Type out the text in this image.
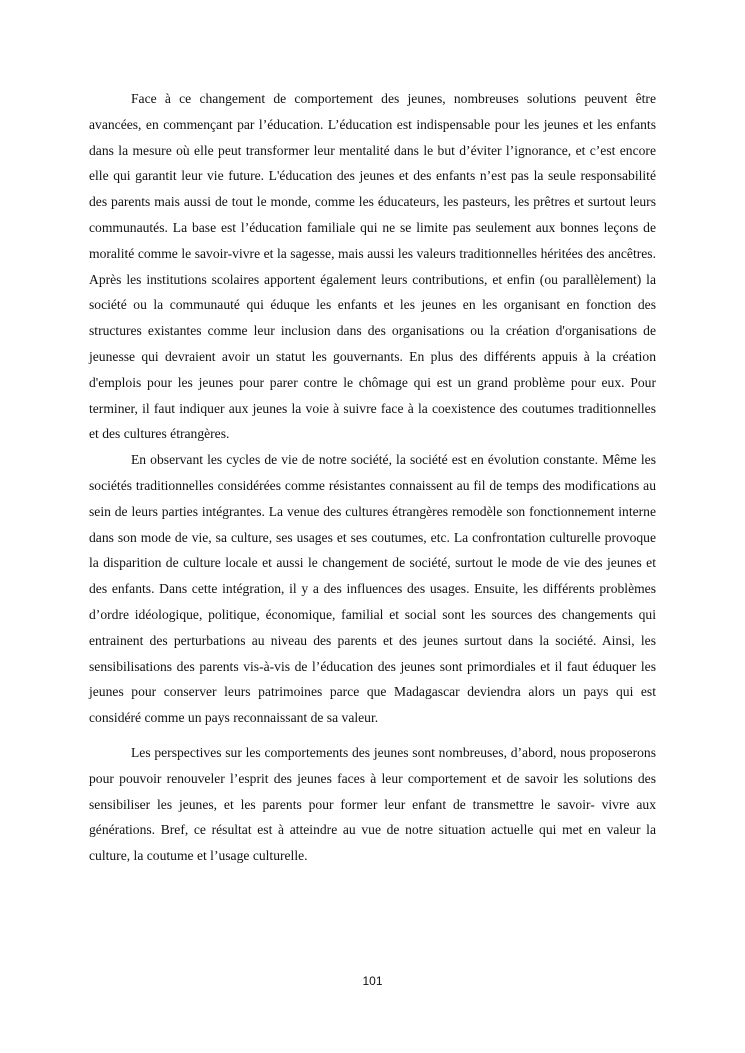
Face à ce changement de comportement des jeunes, nombreuses solutions peuvent être avancées, en commençant par l’éducation. L’éducation est indispensable pour les jeunes et les enfants dans la mesure où elle peut transformer leur mentalité dans le but d’éviter l’ignorance, et c’est encore elle qui garantit leur vie future. L'éducation des jeunes et des enfants n’est pas la seule responsabilité des parents mais aussi de tout le monde, comme les éducateurs, les pasteurs, les prêtres et surtout leurs communautés. La base est l’éducation familiale qui ne se limite pas seulement aux bonnes leçons de moralité comme le savoir-vivre et la sagesse, mais aussi les valeurs traditionnelles héritées des ancêtres. Après les institutions scolaires apportent également leurs contributions, et enfin (ou parallèlement) la société ou la communauté qui éduque les enfants et les jeunes en les organisant en fonction des structures existantes comme leur inclusion dans des organisations ou la création d'organisations de jeunesse qui devraient avoir un statut les gouvernants. En plus des différents appuis à la création d'emplois pour les jeunes pour parer contre le chômage qui est un grand problème pour eux. Pour terminer, il faut indiquer aux jeunes la voie à suivre face à la coexistence des coutumes traditionnelles et des cultures étrangères.

En observant les cycles de vie de notre société, la société est en évolution constante. Même les sociétés traditionnelles considérées comme résistantes connaissent au fil de temps des modifications au sein de leurs parties intégrantes. La venue des cultures étrangères remodèle son fonctionnement interne dans son mode de vie, sa culture, ses usages et ses coutumes, etc. La confrontation culturelle provoque la disparition de culture locale et aussi le changement de société, surtout le mode de vie des jeunes et des enfants. Dans cette intégration, il y a des influences des usages. Ensuite, les différents problèmes d’ordre idéologique, politique, économique, familial et social sont les sources des changements qui entrainent des perturbations au niveau des parents et des jeunes surtout dans la société. Ainsi, les sensibilisations des parents vis-à-vis de l’éducation des jeunes sont primordiales et il faut éduquer les jeunes pour conserver leurs patrimoines parce que Madagascar deviendra alors un pays qui est considéré comme un pays reconnaissant de sa valeur.

Les perspectives sur les comportements des jeunes sont nombreuses, d’abord, nous proposerons pour pouvoir renouveler l’esprit des jeunes faces à leur comportement et de savoir les solutions des sensibiliser les jeunes, et les parents pour former leur enfant de transmettre le savoir- vivre aux générations. Bref, ce résultat est à atteindre au vue de notre situation actuelle qui met en valeur la culture, la coutume et l’usage culturelle.

101
